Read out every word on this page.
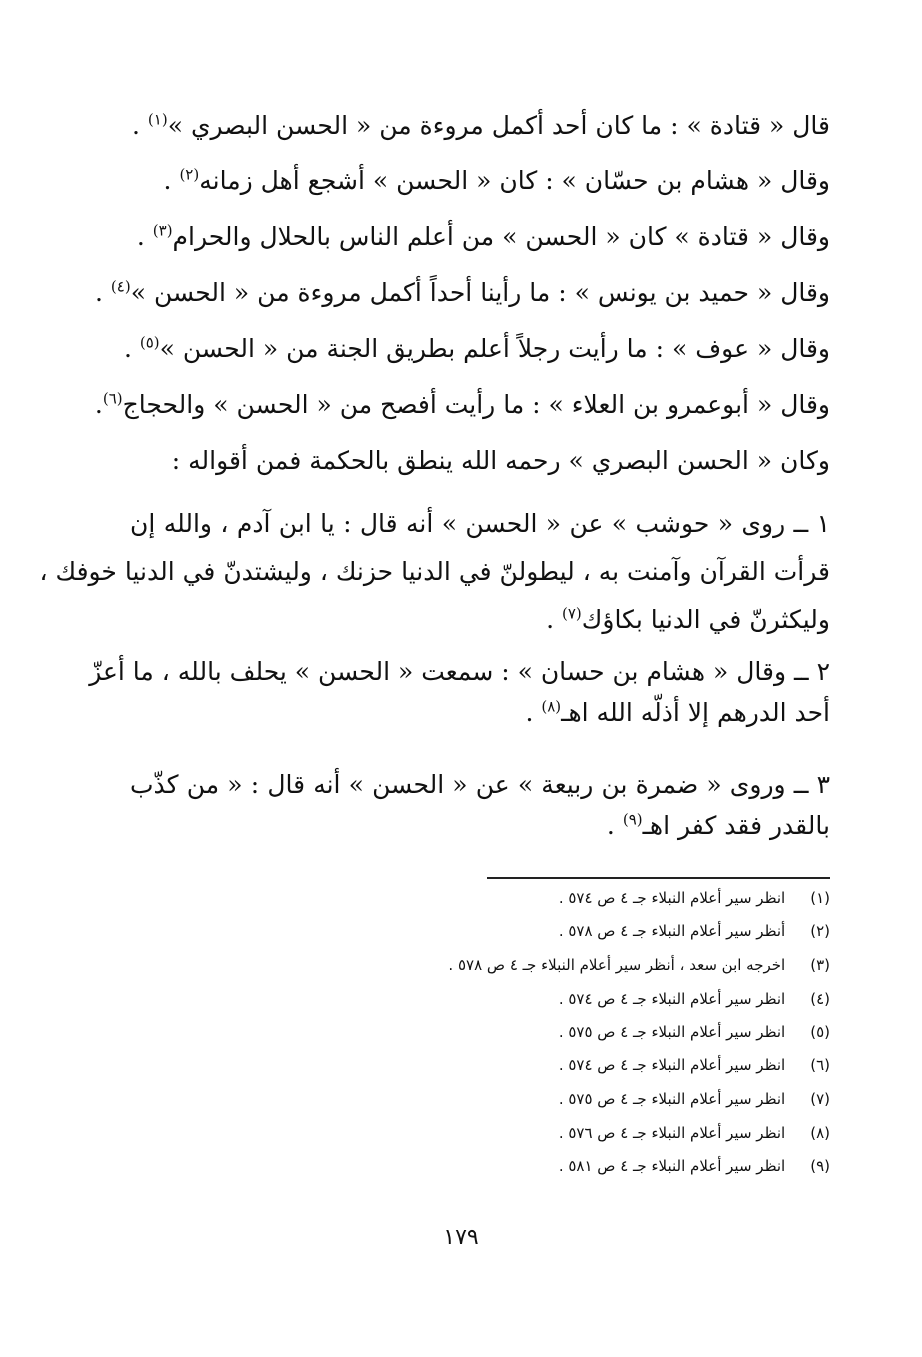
قال « قتادة » : ما كان أحد أكمل مروءة من « الحسن البصري »$^{(١)}$ .
وقال « هشام بن حسّان » : كان « الحسن » أشجع أهل زمانه$^{(٢)}$ .
وقال « قتادة » كان « الحسن » من أعلم الناس بالحلال والحرام$^{(٣)}$ .
وقال « حميد بن يونس » : ما رأينا أحداً أكمل مروءة من « الحسن »$^{(٤)}$ .
وقال « عوف » : ما رأيت رجلاً أعلم بطريق الجنة من « الحسن »$^{(٥)}$ .
وقال « أبوعمرو بن العلاء » : ما رأيت أفصح من « الحسن » والحجاج$^{(٦)}$.
وكان « الحسن البصري » رحمه الله ينطق بالحكمة فمن أقواله :
١ ــ روى « حوشب » عن « الحسن » أنه قال : يا ابن آدم ، والله إن
قرأت القرآن وآمنت به ، ليطولنّ في الدنيا حزنك ، وليشتدنّ في الدنيا خوفك ،
وليكثرنّ في الدنيا بكاؤك$^{(٧)}$ .
٢ ــ وقال « هشام بن حسان » : سمعت « الحسن » يحلف بالله ، ما أعزّ
أحد الدرهم إلا أذلّه الله اهـ$^{(٨)}$ .
٣ ــ وروى « ضمرة بن ربيعة » عن « الحسن » أنه قال : « من كذّب
بالقدر فقد كفر اهـ$^{(٩)}$ .
(١) انظر سير أعلام النبلاء جـ ٤ ص ٥٧٤ .
(٢) أنظر سير أعلام النبلاء جـ ٤ ص ٥٧٨ .
(٣) اخرجه ابن سعد ، أنظر سير أعلام النبلاء جـ ٤ ص ٥٧٨ .
(٤) انظر سير أعلام النبلاء جـ ٤ ص ٥٧٤ .
(٥) انظر سير أعلام النبلاء جـ ٤ ص ٥٧٥ .
(٦) انظر سير أعلام النبلاء جـ ٤ ص ٥٧٤ .
(٧) انظر سير أعلام النبلاء جـ ٤ ص ٥٧٥ .
(٨) انظر سير أعلام النبلاء جـ ٤ ص ٥٧٦ .
(٩) انظر سير أعلام النبلاء جـ ٤ ص ٥٨١ .
١٧٩
